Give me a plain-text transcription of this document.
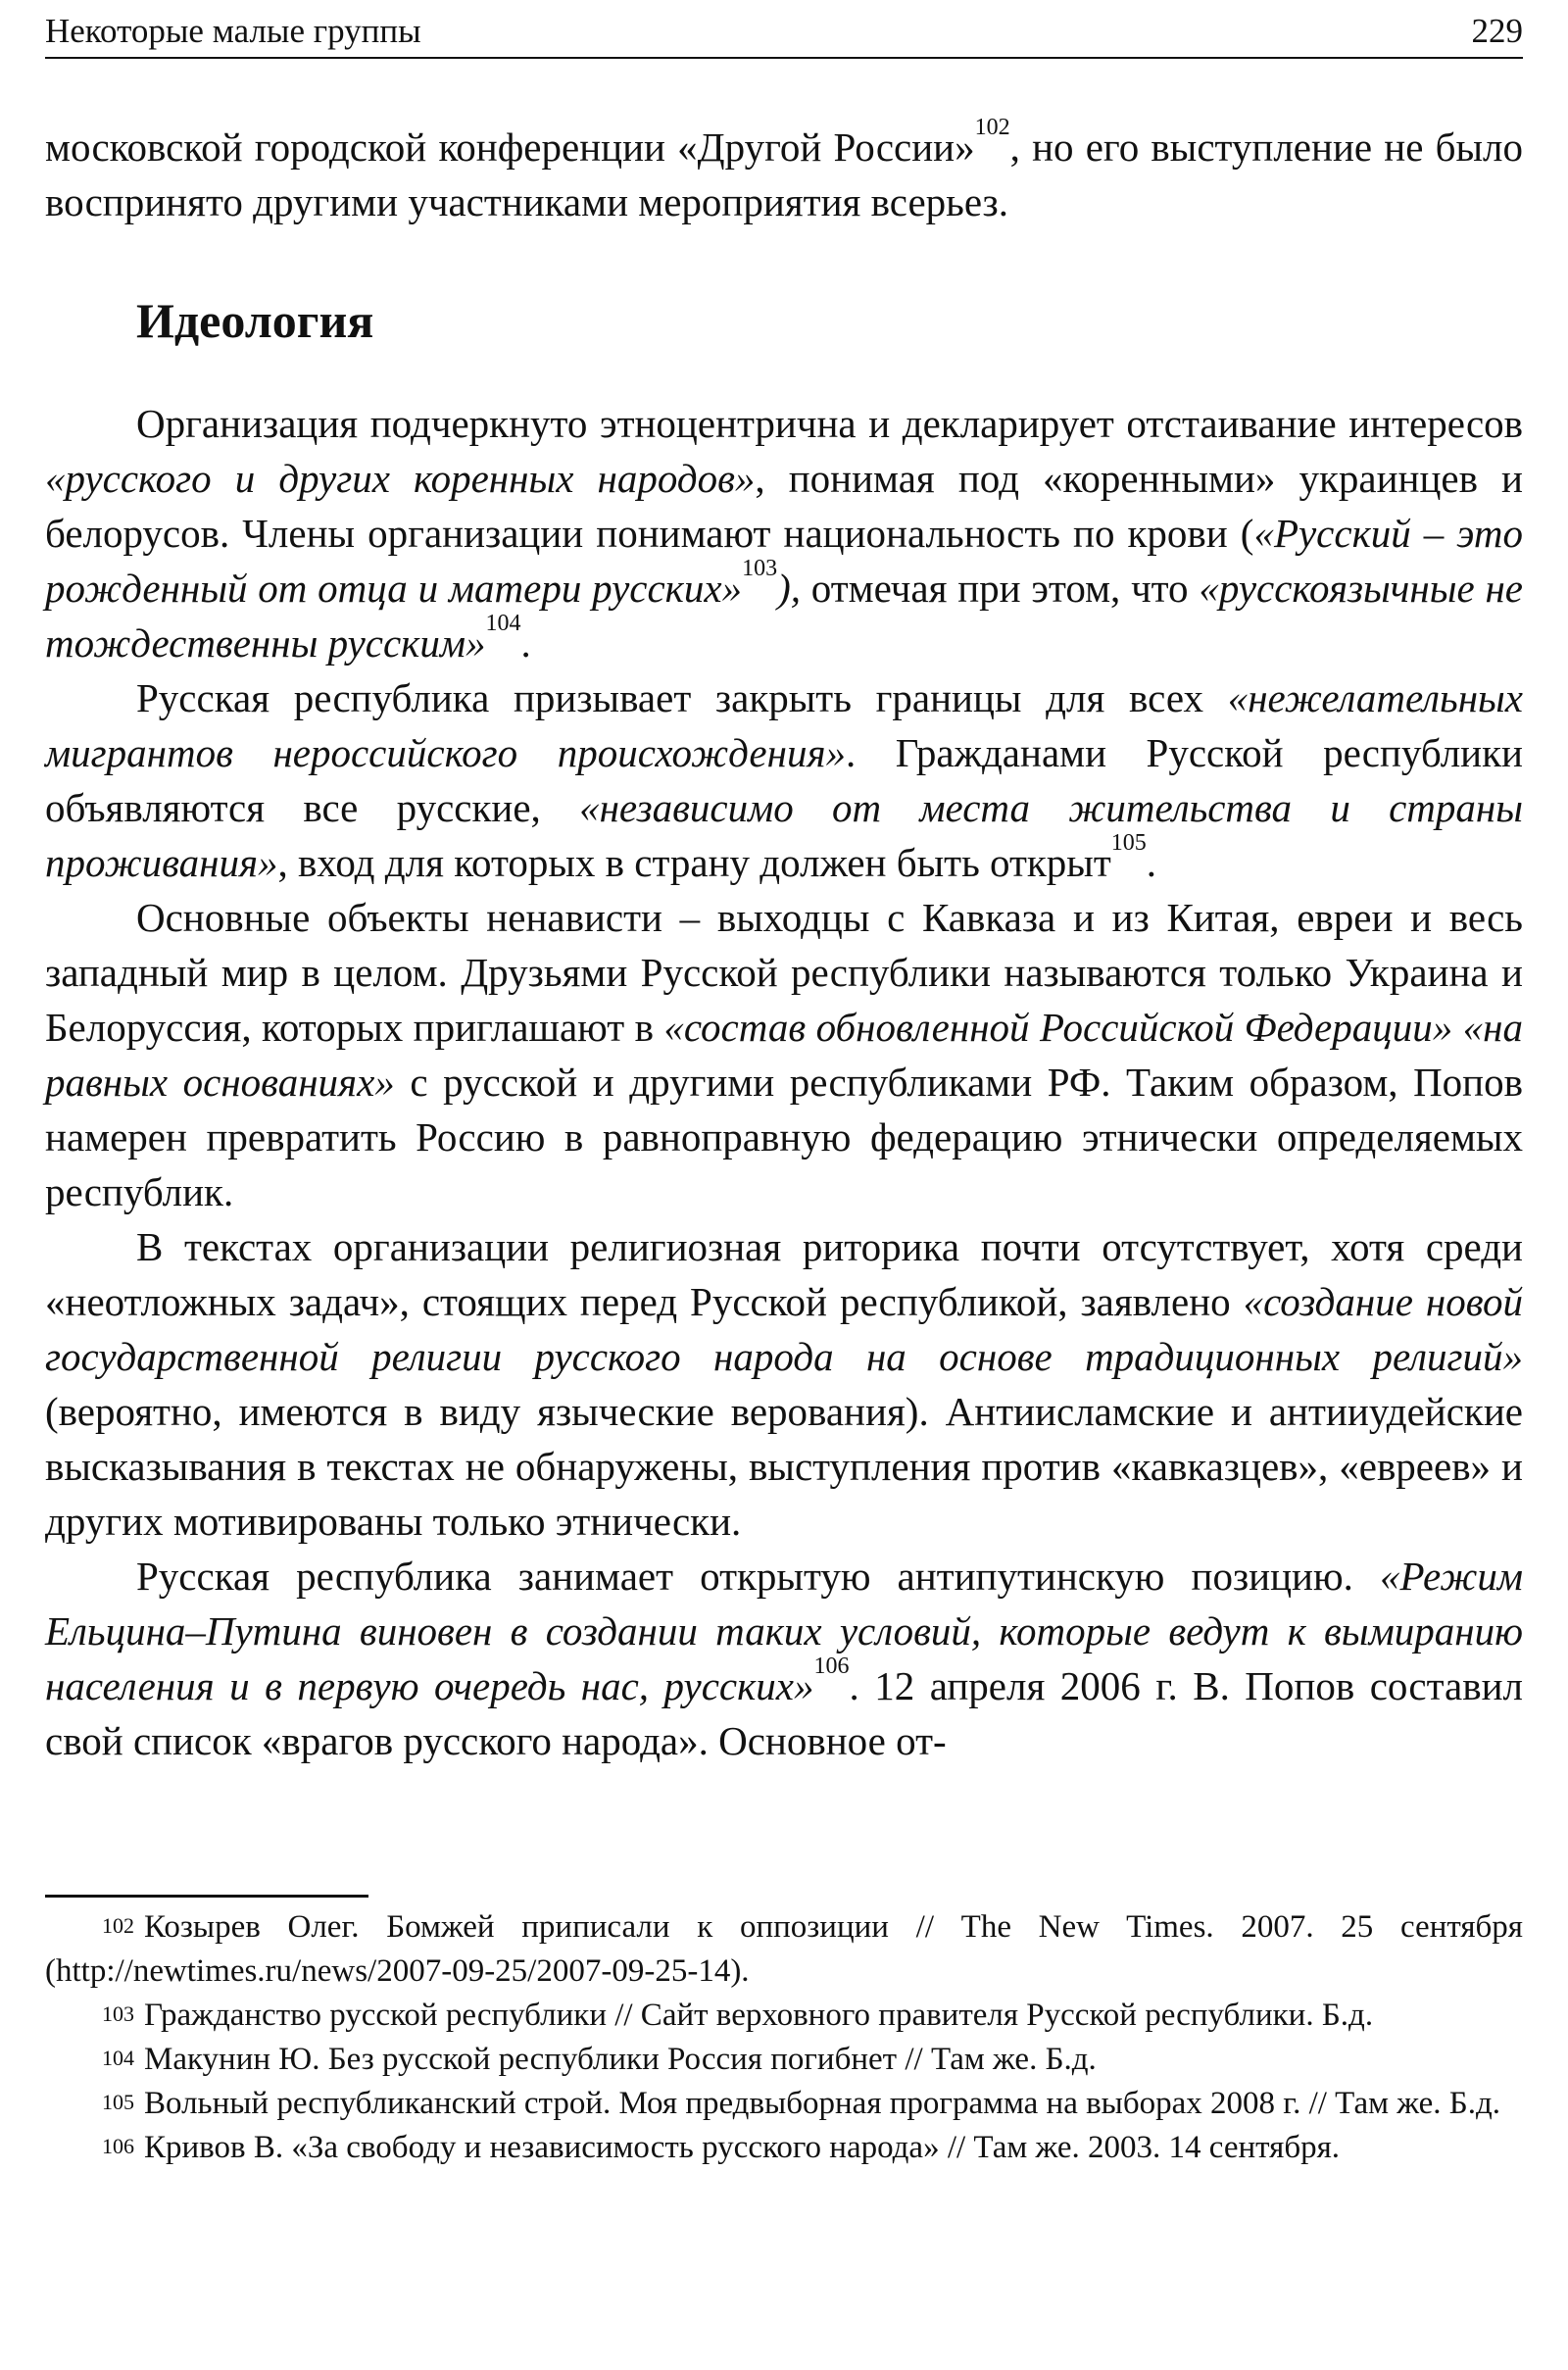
Некоторые малые группы	229

московской городской конференции «Другой России»$^{102}$, но его выступление не было воспринято другими участниками мероприятия всерьез.

Идеология

Организация подчеркнуто этноцентрична и декларирует отстаивание интересов «русского и других коренных народов», понимая под «коренными» украинцев и белорусов. Члены организации понимают национальность по крови («Русский – это рожденный от отца и матери русских»$^{103}$), отмечая при этом, что «русскоязычные не тождественны русским»$^{104}$.

Русская республика призывает закрыть границы для всех «нежелательных мигрантов нероссийского происхождения». Гражданами Русской республики объявляются все русские, «независимо от места жительства и страны проживания», вход для которых в страну должен быть открыт$^{105}$.

Основные объекты ненависти – выходцы с Кавказа и из Китая, евреи и весь западный мир в целом. Друзьями Русской республики называются только Украина и Белоруссия, которых приглашают в «состав обновленной Российской Федерации» «на равных основаниях» с русской и другими республиками РФ. Таким образом, Попов намерен превратить Россию в равноправную федерацию этнически определяемых республик.

В текстах организации религиозная риторика почти отсутствует, хотя среди «неотложных задач», стоящих перед Русской республикой, заявлено «создание новой государственной религии русского народа на основе традиционных религий» (вероятно, имеются в виду языческие верования). Антиисламские и антииудейские высказывания в текстах не обнаружены, выступления против «кавказцев», «евреев» и других мотивированы только этнически.

Русская республика занимает открытую антипутинскую позицию. «Режим Ельцина–Путина виновен в создании таких условий, которые ведут к вымиранию населения и в первую очередь нас, русских»$^{106}$. 12 апреля 2006 г. В. Попов составил свой список «врагов русского народа». Основное от-

$^{102}$ Козырев Олег. Бомжей приписали к оппозиции // The New Times. 2007. 25 сентября (http://newtimes.ru/news/2007-09-25/2007-09-25-14).

$^{103}$ Гражданство русской республики // Сайт верховного правителя Русской республики. Б.д.

$^{104}$ Макунин Ю. Без русской республики Россия погибнет // Там же. Б.д.

$^{105}$ Вольный республиканский строй. Моя предвыборная программа на выборах 2008 г. // Там же. Б.д.

$^{106}$ Кривов В. «За свободу и независимость русского народа» // Там же. 2003. 14 сентября.
